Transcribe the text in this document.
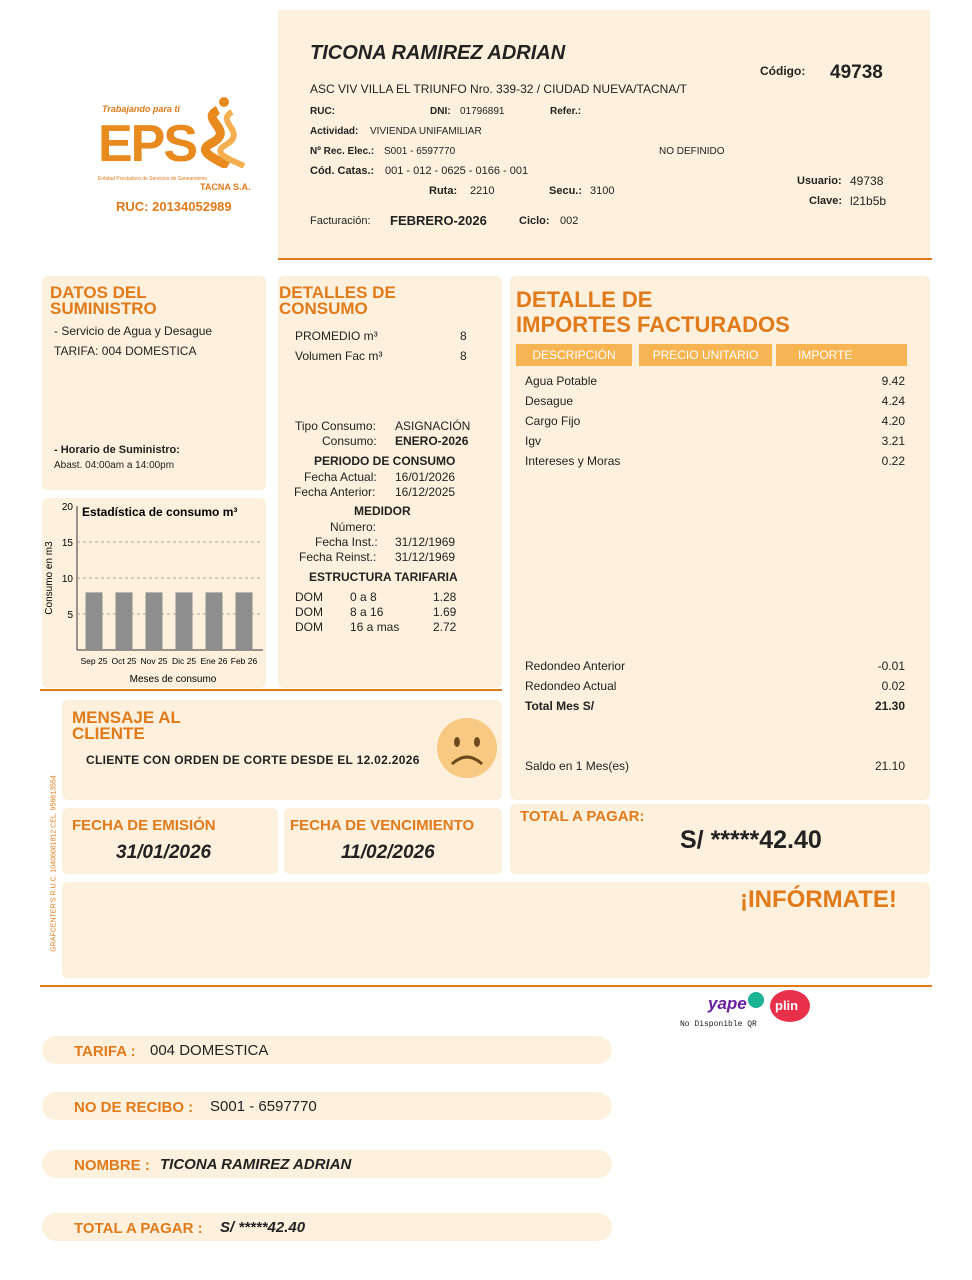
Trabajando para ti
EPS
Entidad Prestadora de Servicios de Saneamiento
TACNA S.A.
RUC: 20134052989
TICONA RAMIREZ ADRIAN
ASC VIV VILLA EL TRIUNFO Nro. 339-32 / CIUDAD NUEVA/TACNA/T
RUC:	DNI: 01796891	Refer.:
Actividad: VIVIENDA UNIFAMILIAR
Nº Rec. Elec.: S001 - 6597770	NO DEFINIDO
Cód. Catas.: 001 - 012 - 0625 - 0166 - 001
Ruta: 2210	Secu.: 3100
Facturación: FEBRERO-2026	Ciclo: 002
Código: 49738
Usuario: 49738
Clave: l21b5b
DATOS DEL
SUMINISTRO
- Servicio de Agua y Desague
TARIFA: 004 DOMESTICA
- Horario de Suministro:
Abast. 04:00am a 14:00pm
20
15
10
5
Sep 25 Oct 25 Nov 25 Dic 25 Ene 26 Feb 26
Estadística de consumo m³
Meses de consumo
Consumo en m3
DETALLES DE
CONSUMO
PROMEDIO m³	8
Volumen Fac m³	8
Tipo Consumo: ASIGNACIÓN
Consumo: ENERO-2026
PERIODO DE CONSUMO
Fecha Actual: 16/01/2026
Fecha Anterior: 16/12/2025
MEDIDOR
Número:
Fecha Inst.: 31/12/1969
Fecha Reinst.: 31/12/1969
ESTRUCTURA TARIFARIA
DOM 0 a 8	1.28
DOM 8 a 16	1.69
DOM 16 a mas	2.72
DETALLE DE
IMPORTES FACTURADOS
DESCRIPCIÓN	PRECIO UNITARIO	IMPORTE
Agua Potable	9.42
Desague	4.24
Cargo Fijo	4.20
Igv	3.21
Intereses y Moras	0.22
Redondeo Anterior	-0.01
Redondeo Actual	0.02
Total Mes S/	21.30
Saldo en 1 Mes(es)	21.10
MENSAJE AL
CLIENTE
CLIENTE CON ORDEN DE CORTE DESDE EL 12.02.2026
GRAFCENTER'S R.U.C. 10406081812 CEL. 956613554 FECHA DE EMISIÓN
31/01/2026
FECHA DE VENCIMIENTO
11/02/2026
TOTAL A PAGAR:
S/ *****42.40
¡INFÓRMATE!
yape plin
No Disponible QR
TARIFA : 004 DOMESTICA
NO DE RECIBO : S001 - 6597770
NOMBRE : TICONA RAMIREZ ADRIAN
TOTAL A PAGAR : S/ *****42.40
